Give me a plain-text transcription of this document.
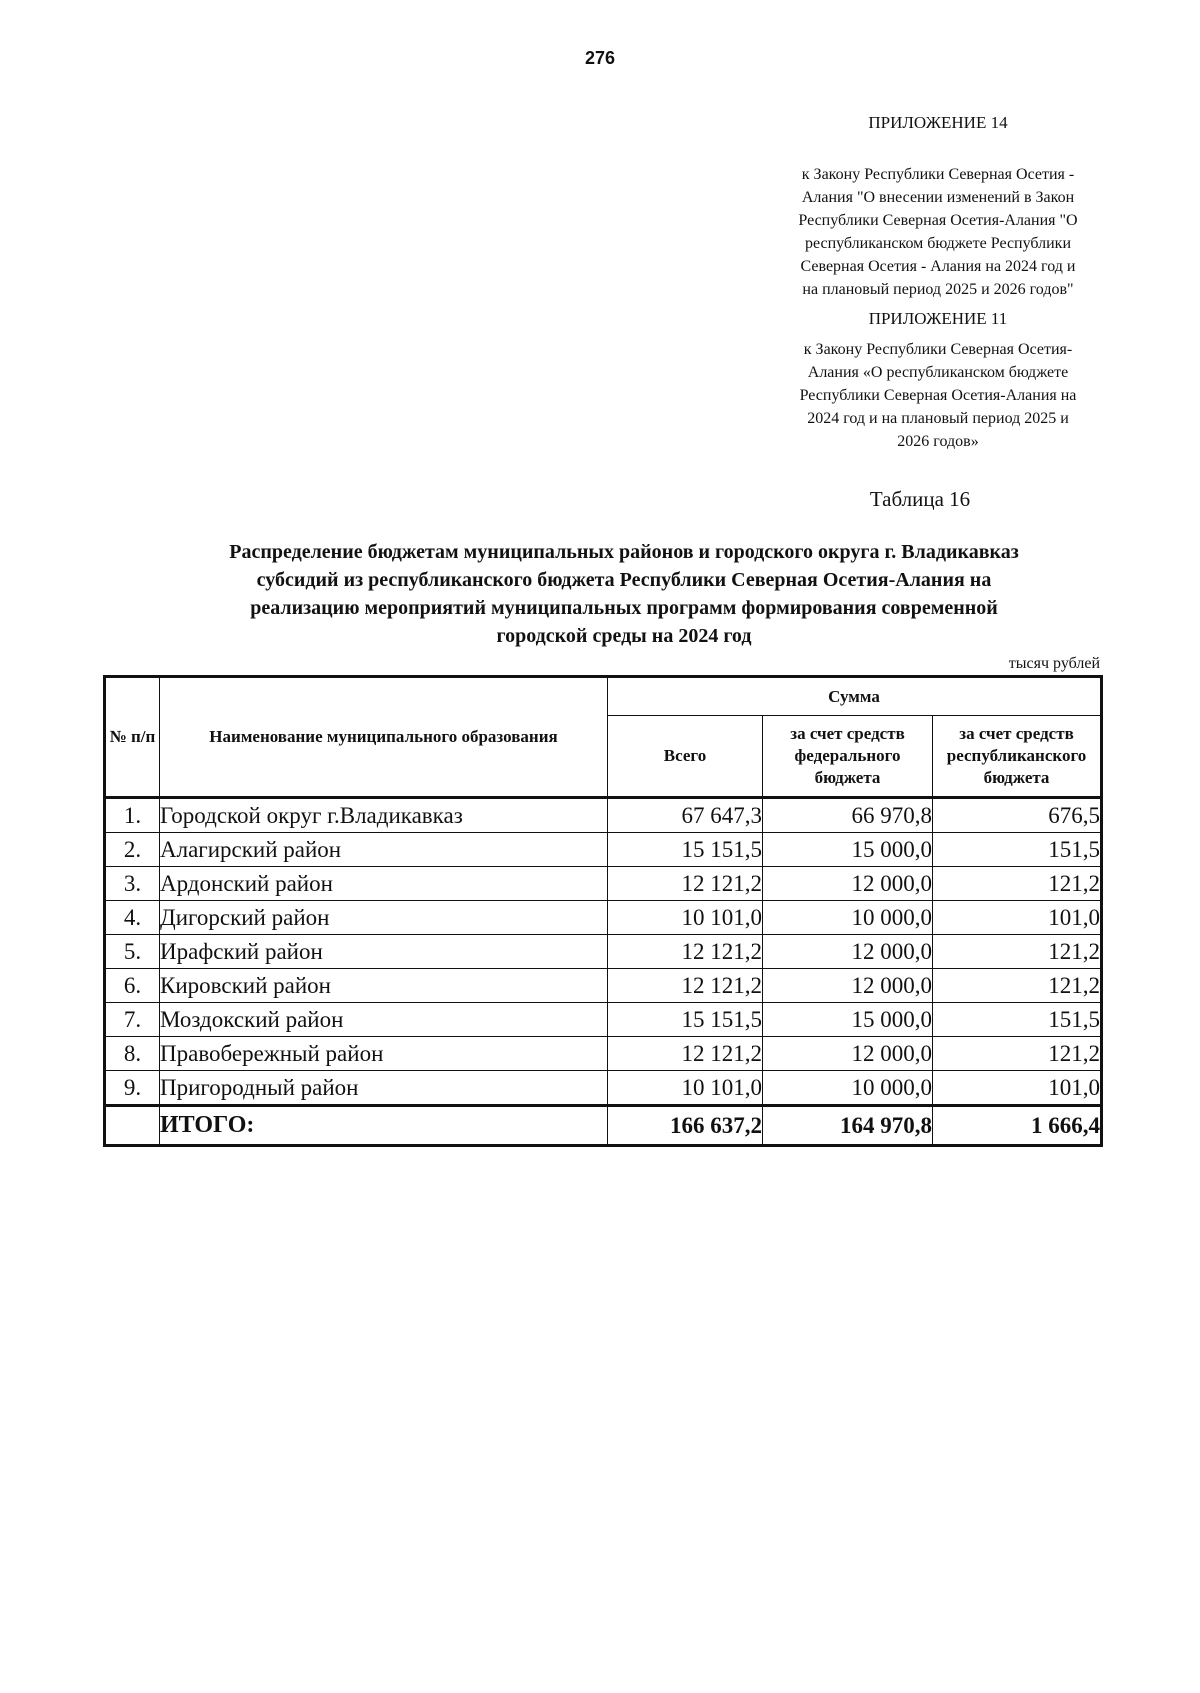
276
ПРИЛОЖЕНИЕ 14
к Закону Республики Северная Осетия -
Алания "О внесении изменений в Закон
Республики Северная Осетия-Алания "О
республиканском бюджете Республики
Северная Осетия - Алания на 2024 год и
на плановый период 2025 и 2026 годов"
ПРИЛОЖЕНИЕ 11
к Закону Республики Северная Осетия-
Алания «О республиканском бюджете
Республики Северная Осетия-Алания на
2024 год и на плановый период 2025 и
2026 годов»
Таблица 16
Распределение бюджетам муниципальных районов и городского округа г. Владикавказ
субсидий из республиканского бюджета Республики Северная Осетия-Алания на
реализацию мероприятий муниципальных программ формирования современной
городской среды на 2024 год
тысяч рублей
№ п/п	Наименование муниципального образования	Сумма		
		Всего	за счет средств федерального бюджета	за счет средств республиканского бюджета
1.	Городской округ г.Владикавказ	67 647,3	66 970,8	676,5
2.	Алагирский район	15 151,5	15 000,0	151,5
3.	Ардонский район	12 121,2	12 000,0	121,2
4.	Дигорский район	10 101,0	10 000,0	101,0
5.	Ирафский район	12 121,2	12 000,0	121,2
6.	Кировский район	12 121,2	12 000,0	121,2
7.	Моздокский район	15 151,5	15 000,0	151,5
8.	Правобережный район	12 121,2	12 000,0	121,2
9.	Пригородный район	10 101,0	10 000,0	101,0
	ИТОГО:	166 637,2	164 970,8	1 666,4
